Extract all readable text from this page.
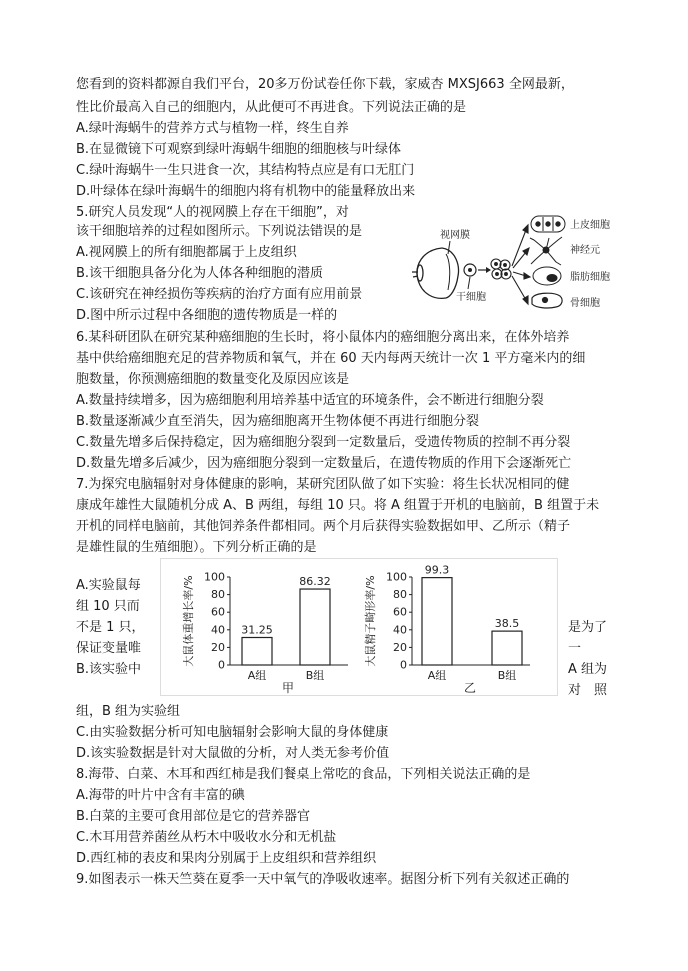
您看到的资料都源自我们平台，20多万份试卷任你下载，家威杏 MXSJ663 全网最新，
性比价最高入自己的细胞内，从此便可不再进食。下列说法正确的是
A.绿叶海蜗牛的营养方式与植物一样，终生自养
B.在显微镜下可观察到绿叶海蜗牛细胞的细胞核与叶绿体
C.绿叶海蜗牛一生只进食一次，其结构特点应是有口无肛门
D.叶绿体在绿叶海蜗牛的细胞内将有机物中的能量释放出来
5.研究人员发现“人的视网膜上存在干细胞”，对
该干细胞培养的过程如图所示。下列说法错误的是
A.视网膜上的所有细胞都属于上皮组织
B.该干细胞具备分化为人体各种细胞的潜质
C.该研究在神经损伤等疾病的治疗方面有应用前景
D.图中所示过程中各细胞的遗传物质是一样的
视网膜
干细胞
上皮细胞
神经元
脂肪细胞
骨细胞
6.某科研团队在研究某种癌细胞的生长时，将小鼠体内的癌细胞分离出来，在体外培养
基中供给癌细胞充足的营养物质和氧气，并在 60 天内每两天统计一次 1 平方毫米内的细
胞数量，你预测癌细胞的数量变化及原因应该是
A.数量持续增多，因为癌细胞利用培养基中适宜的环境条件，会不断进行细胞分裂
B.数量逐渐减少直至消失，因为癌细胞离开生物体便不再进行细胞分裂
C.数量先增多后保持稳定，因为癌细胞分裂到一定数量后，受遗传物质的控制不再分裂
D.数量先增多后减少，因为癌细胞分裂到一定数量后，在遗传物质的作用下会逐渐死亡
7.为探究电脑辐射对身体健康的影响，某研究团队做了如下实验：将生长状况相同的健
康成年雄性大鼠随机分成 A、B 两组，每组 10 只。将 A 组置于开机的电脑前，B 组置于未
开机的同样电脑前，其他饲养条件都相同。两个月后获得实验数据如甲、乙所示（精子
是雄性鼠的生殖细胞）。下列分析正确的是
A.实验鼠每
组 10 只而
不是 1 只，
保证变量唯
B.该实验中
是为了
一
A 组为
对　照
0
20
40
60
80
100
大鼠体重增长率/%	31.25
A组
86.32
B组
甲
0
20
40
60
80
100
大鼠精子畸形率/%
99.3
A组
38.5
B组
乙
组，B 组为实验组
C.由实验数据分析可知电脑辐射会影响大鼠的身体健康
D.该实验数据是针对大鼠做的分析，对人类无参考价值
8.海带、白菜、木耳和西红柿是我们餐桌上常吃的食品，下列相关说法正确的是
A.海带的叶片中含有丰富的碘
B.白菜的主要可食用部位是它的营养器官
C.木耳用营养菌丝从朽木中吸收水分和无机盐
D.西红柿的表皮和果肉分别属于上皮组织和营养组织
9.如图表示一株天竺葵在夏季一天中氧气的净吸收速率。据图分析下列有关叙述正确的
